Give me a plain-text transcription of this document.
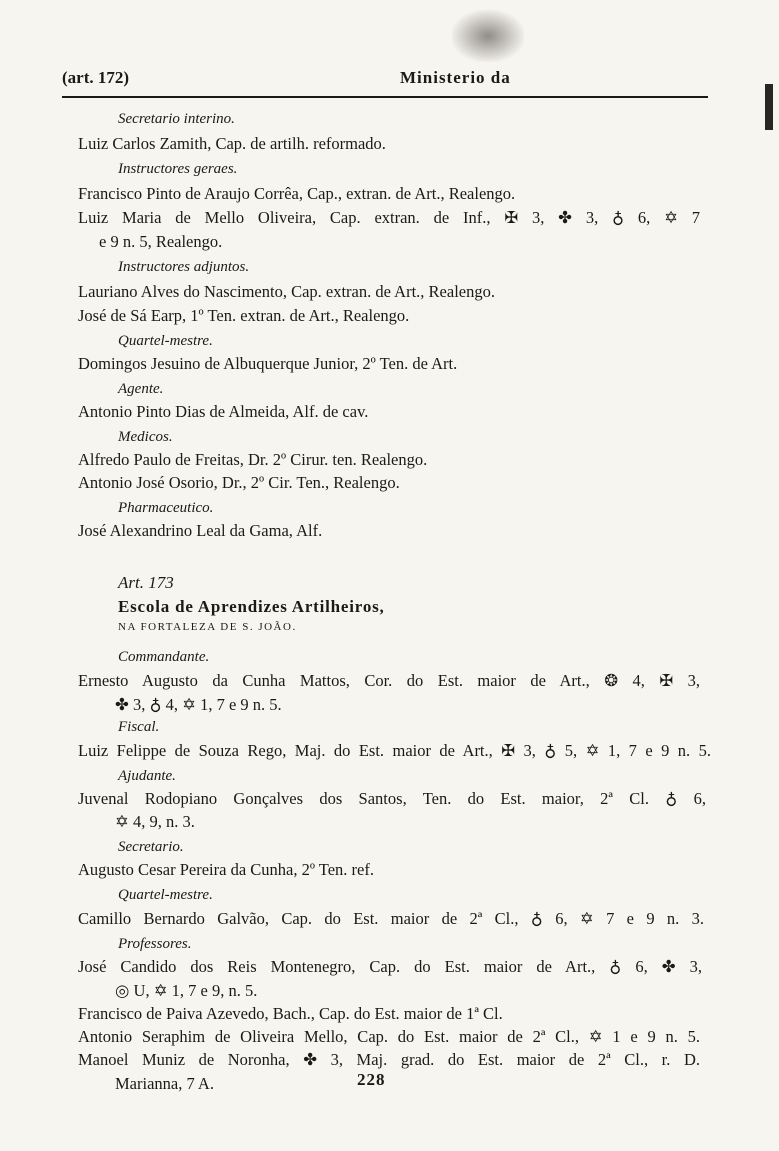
(art. 172)	Ministerio da
Secretario interino.
Luiz Carlos Zamith, Cap. de artilh. reformado.
Instructores geraes.
Francisco Pinto de Araujo Corrêa, Cap., extran. de Art., Realengo.
Luiz Maria de Mello Oliveira, Cap. extran. de Inf., ✠ 3, ✤ 3, ♁ 6, ✡ 7
e 9 n. 5, Realengo.
Instructores adjuntos.
Lauriano Alves do Nascimento, Cap. extran. de Art., Realengo.
José de Sá Earp, 1º Ten. extran. de Art., Realengo.
Quartel-mestre.
Domingos Jesuino de Albuquerque Junior, 2º Ten. de Art.
Agente.
Antonio Pinto Dias de Almeida, Alf. de cav.
Medicos.
Alfredo Paulo de Freitas, Dr. 2º Cirur. ten. Realengo.
Antonio José Osorio, Dr., 2º Cir. Ten., Realengo.
Pharmaceutico.
José Alexandrino Leal da Gama, Alf.
Art. 173
Escola de Aprendizes Artilheiros,
NA FORTALEZA DE S. JOÃO.
Commandante.
Ernesto Augusto da Cunha Mattos, Cor. do Est. maior de Art., ❂ 4, ✠ 3,
✤ 3, ♁ 4, ✡ 1, 7 e 9 n. 5.
Fiscal.
Luiz Felippe de Souza Rego, Maj. do Est. maior de Art., ✠ 3, ♁ 5, ✡ 1, 7 e 9 n. 5.
Ajudante.
Juvenal Rodopiano Gonçalves dos Santos, Ten. do Est. maior, 2ª Cl. ♁ 6,
✡ 4, 9, n. 3.
Secretario.
Augusto Cesar Pereira da Cunha, 2º Ten. ref.
Quartel-mestre.
Camillo Bernardo Galvão, Cap. do Est. maior de 2ª Cl., ♁ 6, ✡ 7 e 9 n. 3.
Professores.
José Candido dos Reis Montenegro, Cap. do Est. maior de Art., ♁ 6, ✤ 3,
◎ U, ✡ 1, 7 e 9, n. 5.
Francisco de Paiva Azevedo, Bach., Cap. do Est. maior de 1ª Cl.
Antonio Seraphim de Oliveira Mello, Cap. do Est. maior de 2ª Cl., ✡ 1 e 9 n. 5.
Manoel Muniz de Noronha, ✤ 3, Maj. grad. do Est. maior de 2ª Cl., r. D.
Marianna, 7 A.	228
